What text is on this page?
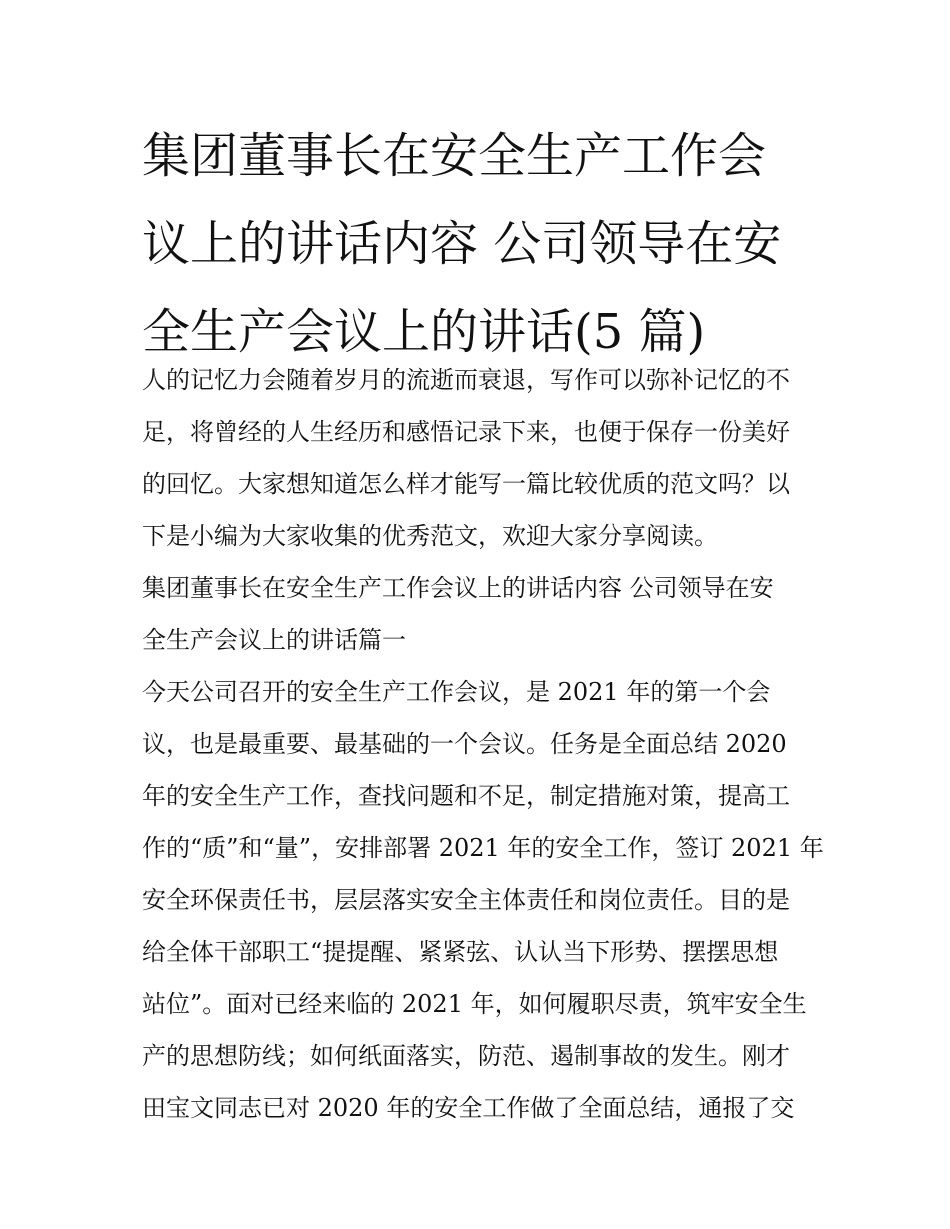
集团董事长在安全生产工作会
议上的讲话内容 公司领导在安
全生产会议上的讲话(5 篇)
人的记忆力会随着岁月的流逝而衰退，写作可以弥补记忆的不
足，将曾经的人生经历和感悟记录下来，也便于保存一份美好
的回忆。大家想知道怎么样才能写一篇比较优质的范文吗？以
下是小编为大家收集的优秀范文，欢迎大家分享阅读。
集团董事长在安全生产工作会议上的讲话内容 公司领导在安
全生产会议上的讲话篇一
今天公司召开的安全生产工作会议，是 2021 年的第一个会
议，也是最重要、最基础的一个会议。任务是全面总结 2020
年的安全生产工作，查找问题和不足，制定措施对策，提高工
作的“质”和“量”，安排部署 2021 年的安全工作，签订 2021 年
安全环保责任书，层层落实安全主体责任和岗位责任。目的是
给全体干部职工“提提醒、紧紧弦、认认当下形势、摆摆思想
站位”。面对已经来临的 2021 年，如何履职尽责，筑牢安全生
产的思想防线；如何纸面落实，防范、遏制事故的发生。刚才
田宝文同志已对 2020 年的安全工作做了全面总结，通报了交
